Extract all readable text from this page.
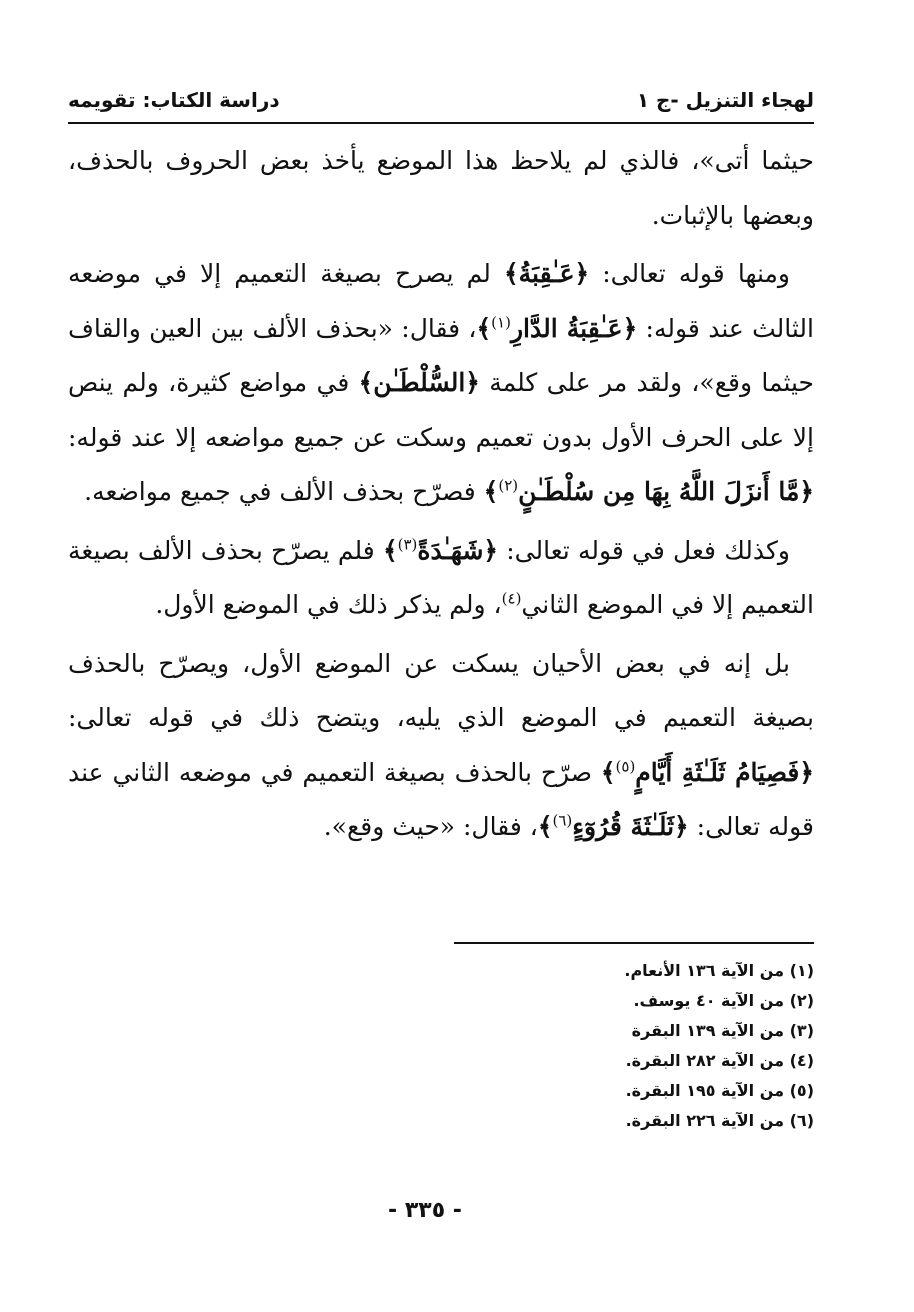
لهجاء التنزيل -ج ١
دراسة الكتاب: تقويمه

حيثما أتى»، فالذي لم يلاحظ هذا الموضع يأخذ بعض الحروف بالحذف، وبعضها بالإثبات.

ومنها قوله تعالى: ﴿عَـٰقِبَةُ﴾ لم يصرح بصيغة التعميم إلا في موضعه الثالث عند قوله: ﴿عَـٰقِبَةُ الدَّارِ$^{(١)}$﴾، فقال: «بحذف الألف بين العين والقاف حيثما وقع»، ولقد مر على كلمة ﴿السُّلْطَـٰن﴾ في مواضع كثيرة، ولم ينص إلا على الحرف الأول بدون تعميم وسكت عن جميع مواضعه إلا عند قوله: ﴿مَّا أَنزَلَ اللَّهُ بِهَا مِن سُلْطَـٰنٍ$^{(٢)}$﴾ فصرّح بحذف الألف في جميع مواضعه.

وكذلك فعل في قوله تعالى: ﴿شَهَـٰدَةً$^{(٣)}$﴾ فلم يصرّح بحذف الألف بصيغة التعميم إلا في الموضع الثاني$^{(٤)}$، ولم يذكر ذلك في الموضع الأول.

بل إنه في بعض الأحيان يسكت عن الموضع الأول، ويصرّح بالحذف بصيغة التعميم في الموضع الذي يليه، ويتضح ذلك في قوله تعالى: ﴿فَصِيَامُ ثَلَـٰثَةِ أَيَّامٍ$^{(٥)}$﴾ صرّح بالحذف بصيغة التعميم في موضعه الثاني عند قوله تعالى: ﴿ثَلَـٰثَةَ قُرُوٓءٍ$^{(٦)}$﴾، فقال: «حيث وقع».

(١) من الآية ١٣٦ الأنعام.
(٢) من الآية ٤٠ يوسف.
(٣) من الآية ١٣٩ البقرة
(٤) من الآية ٢٨٢ البقرة.
(٥) من الآية ١٩٥ البقرة.
(٦) من الآية ٢٢٦ البقرة.
- ٣٣٥ -
